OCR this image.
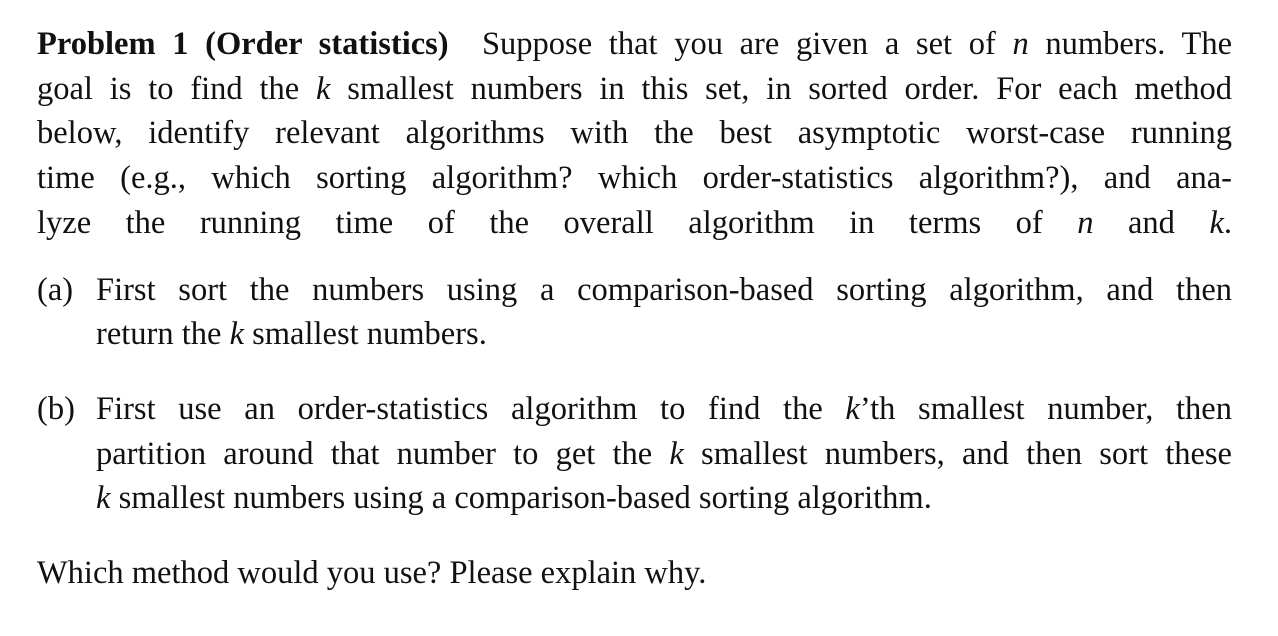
Problem 1 (Order statistics) Suppose that you are given a set of n numbers. The
goal is to find the k smallest numbers in this set, in sorted order. For each method
below, identify relevant algorithms with the best asymptotic worst-case running
time (e.g., which sorting algorithm? which order-statistics algorithm?), and ana-
lyze the running time of the overall algorithm in terms of n and k.
(a) First sort the numbers using a comparison-based sorting algorithm, and then
return the k smallest numbers.
(b) First use an order-statistics algorithm to find the k’th smallest number, then
partition around that number to get the k smallest numbers, and then sort these
k smallest numbers using a comparison-based sorting algorithm.
Which method would you use? Please explain why.
